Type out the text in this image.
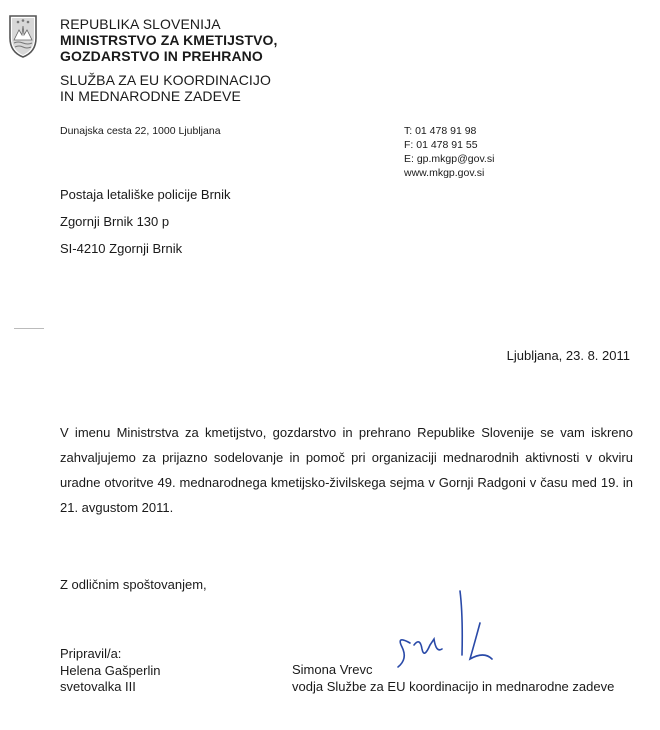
REPUBLIKA SLOVENIJA
MINISTRSTVO ZA KMETIJSTVO,
GOZDARSTVO IN PREHRANO
SLUŽBA ZA EU KOORDINACIJO
IN MEDNARODNE ZADEVE
Dunajska cesta 22, 1000 Ljubljana	T: 01 478 91 98
F: 01 478 91 55
E: gp.mkgp@gov.si
www.mkgp.gov.si
Postaja letališke policije Brnik
Zgornji Brnik 130 p
SI-4210 Zgornji Brnik
Ljubljana, 23. 8. 2011
V imenu Ministrstva za kmetijstvo, gozdarstvo in prehrano Republike Slovenije se vam iskreno zahvaljujemo za prijazno sodelovanje in pomoč pri organizaciji mednarodnih aktivnosti v okviru uradne otvoritve 49. mednarodnega kmetijsko-živilskega sejma v Gornji Radgoni v času med 19. in 21. avgustom 2011.
Z odličnim spoštovanjem,
Pripravil/a:
Helena Gašperlin
svetovalka III
Simona Vrevc
vodja Službe za EU koordinacijo in mednarodne zadeve
